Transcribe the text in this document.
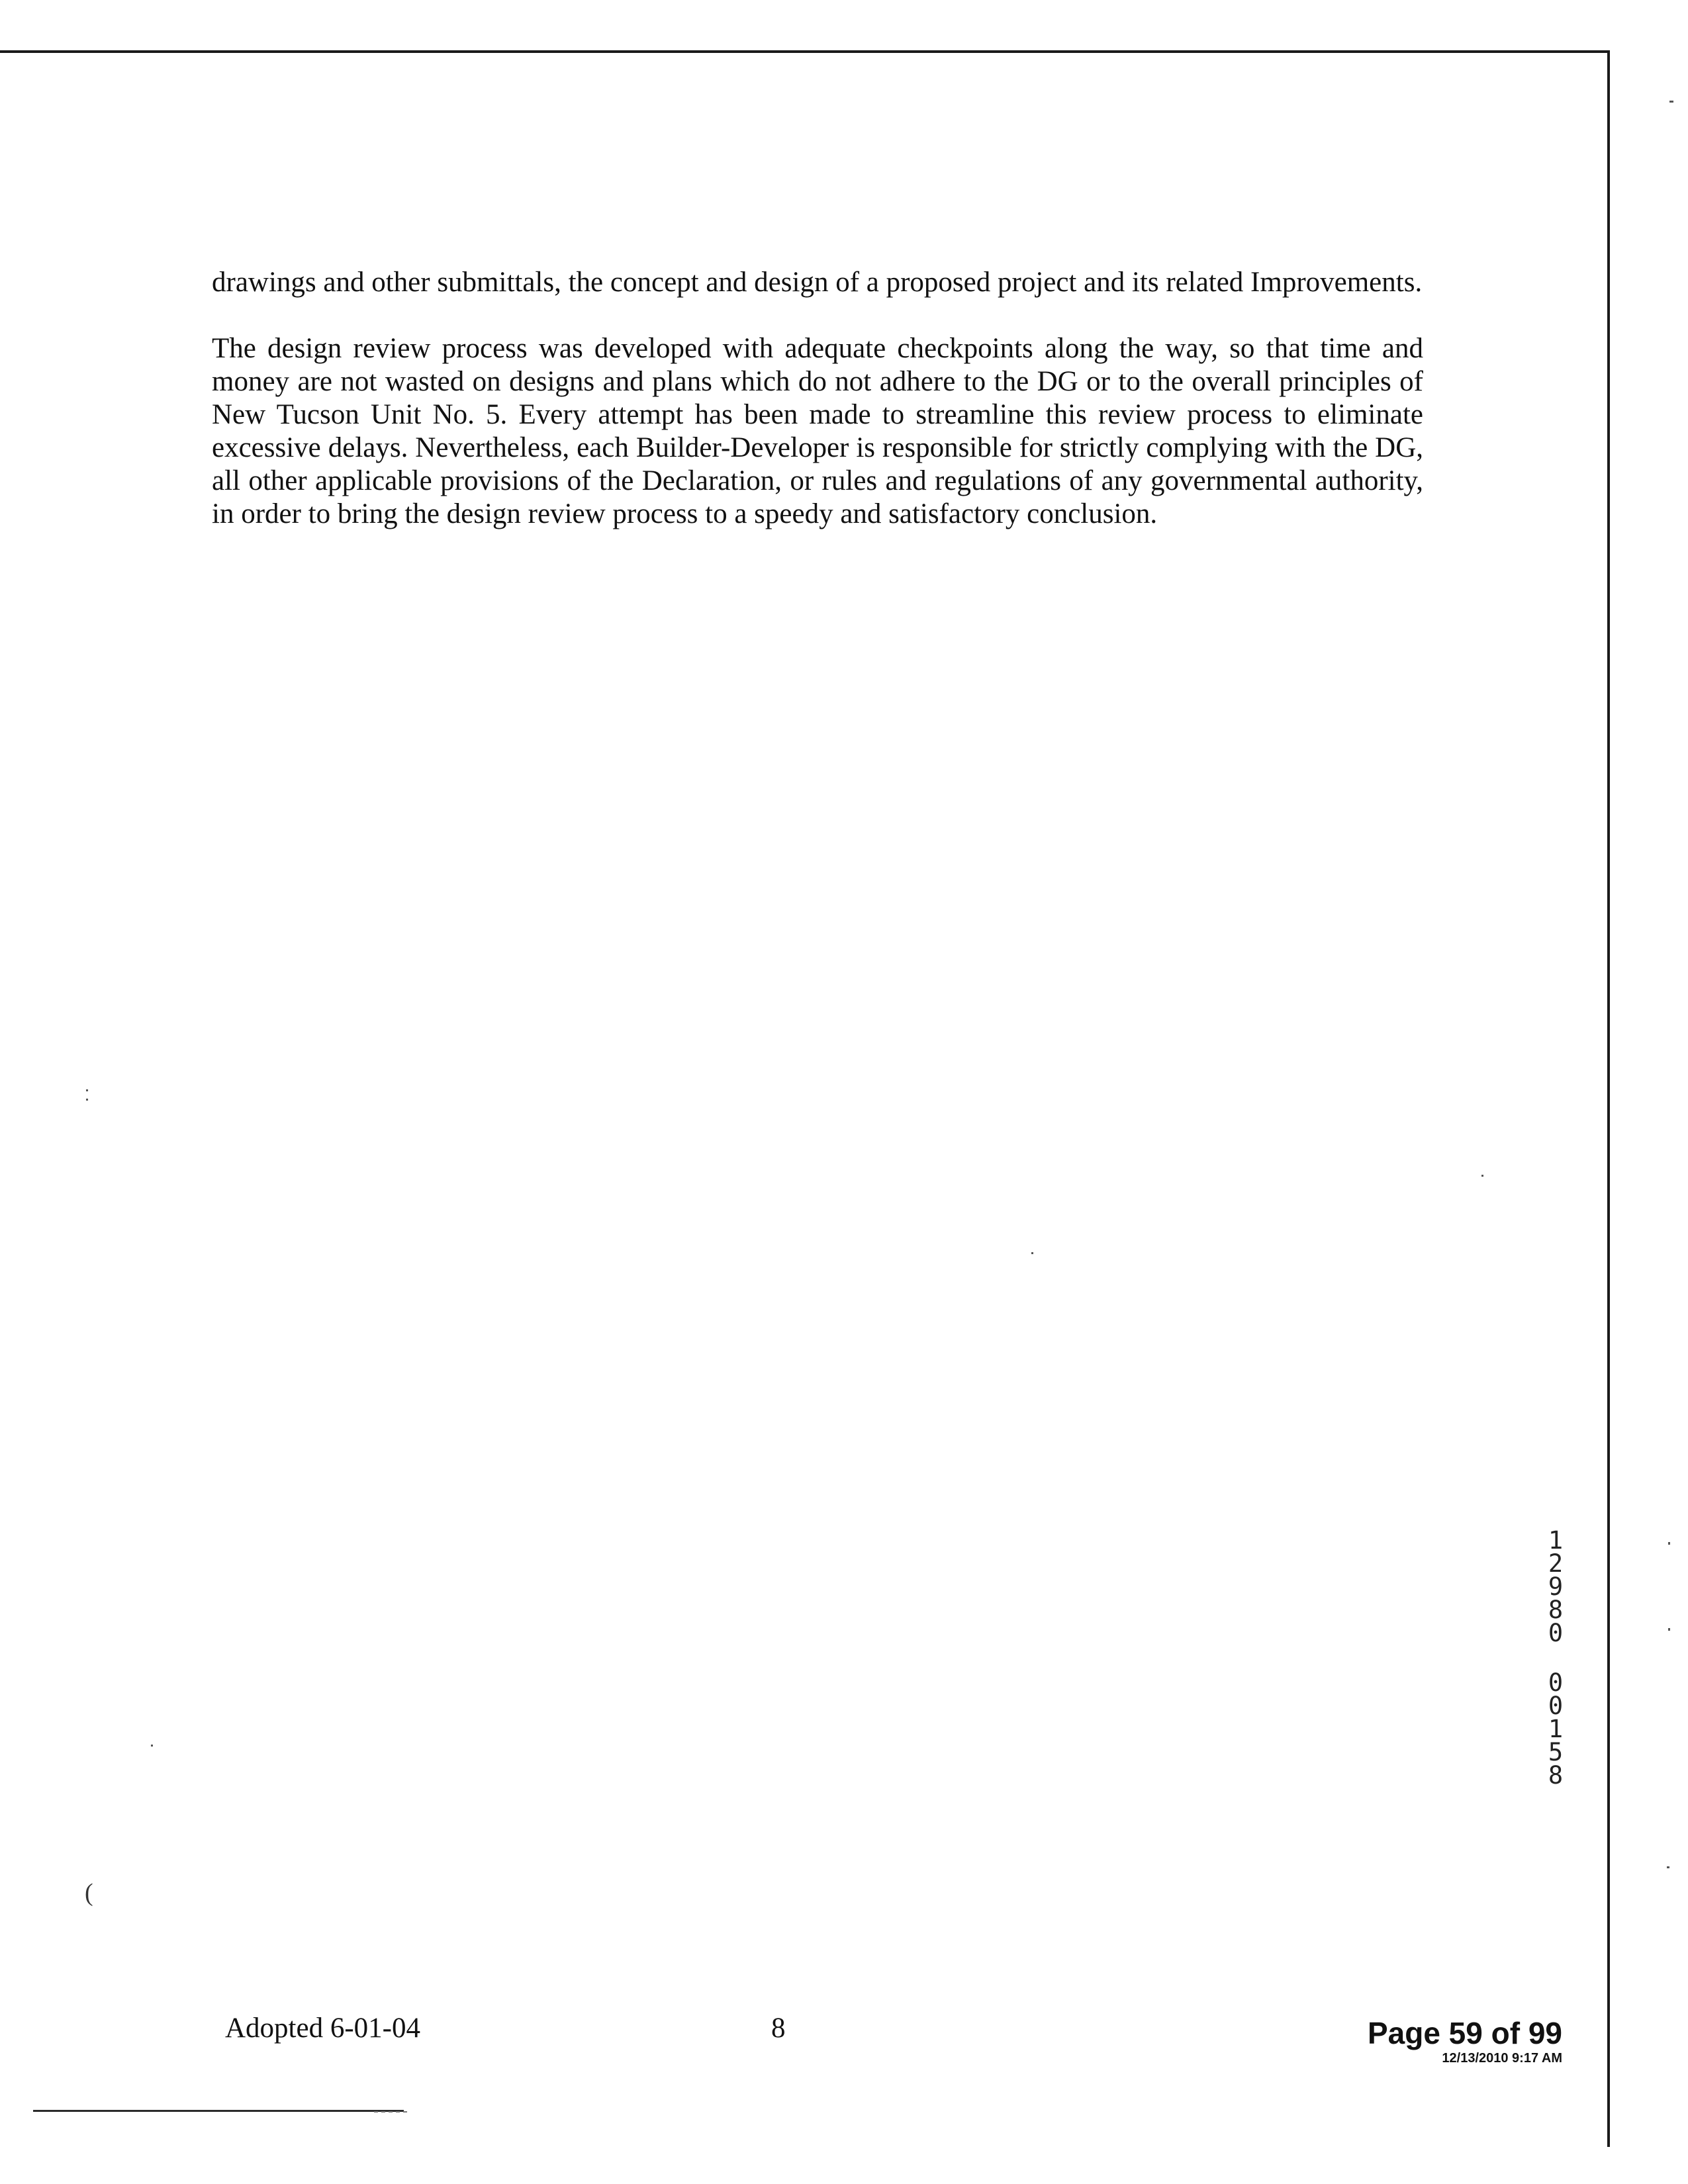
drawings and other submittals, the concept and design of a proposed project and its related Improvements.

The design review process was developed with adequate checkpoints along the way, so that time and money are not wasted on designs and plans which do not adhere to the DG or to the overall principles of New Tucson Unit No. 5. Every attempt has been made to streamline this review process to eliminate excessive delays. Nevertheless, each Builder-Developer is responsible for strictly complying with the DG, all other applicable provisions of the Declaration, or rules and regulations of any governmental authority, in order to bring the design review process to a speedy and satisfactory conclusion.

1
2
9
8
0
0
0
1
5
8
Adopted 6-01-04	8	Page 59 of 99
12/13/2010 9:17 AM
(
